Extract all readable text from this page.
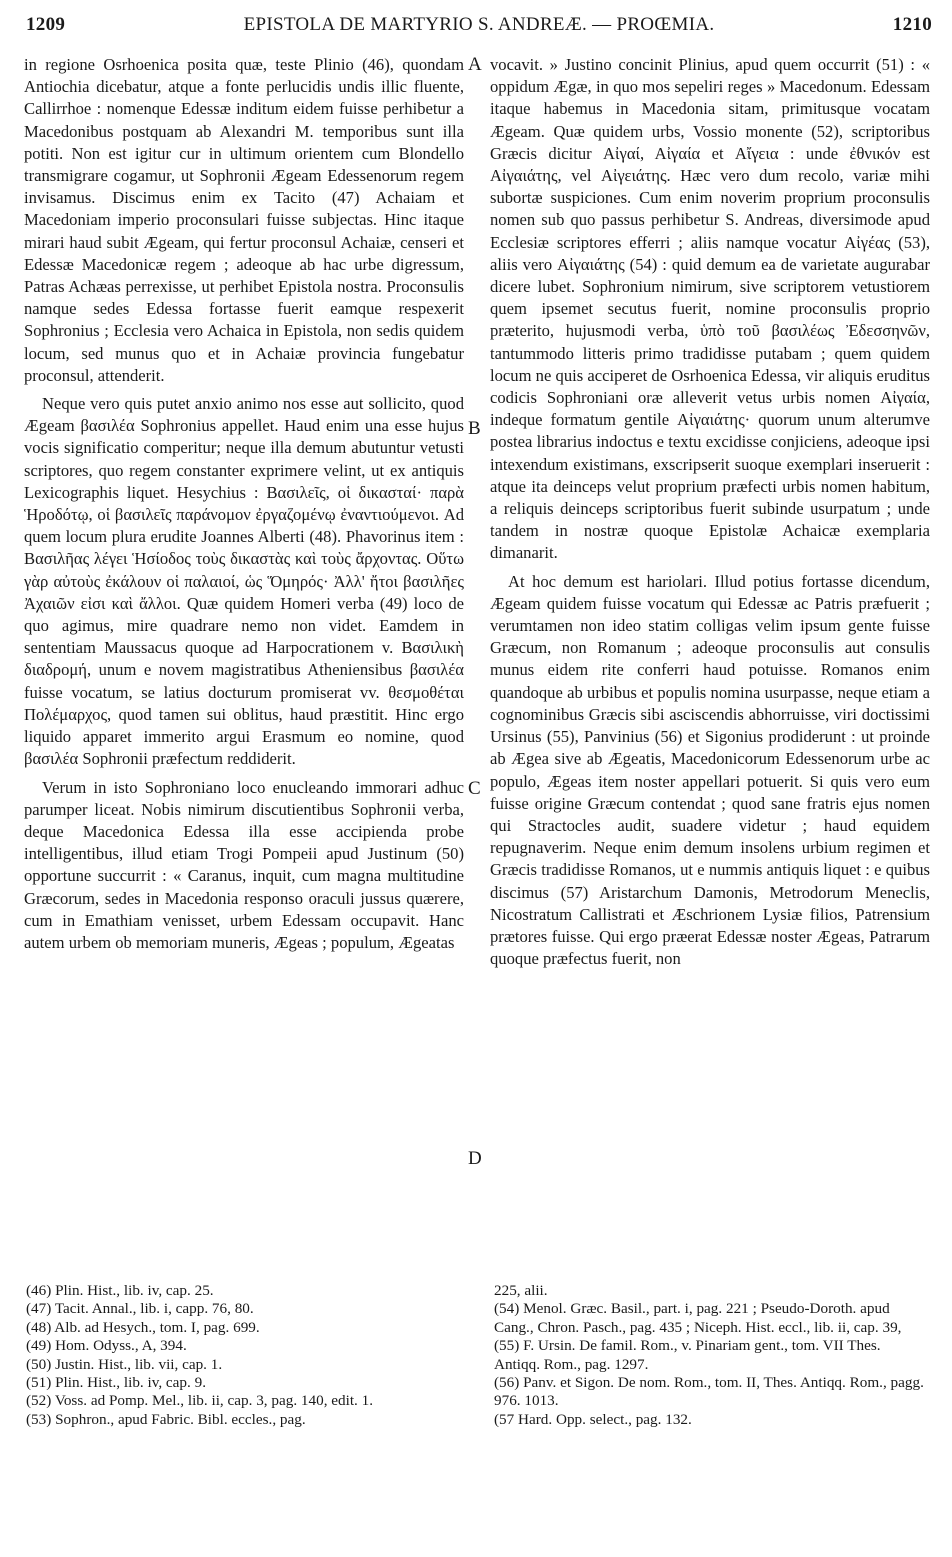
1209	EPISTOLA DE MARTYRIO S. ANDREÆ. — PROŒMIA.	1210

in regione Osrhoenica posita quæ, teste Plinio (46), quondam Antiochia dicebatur, atque a fonte perlucidis undis illic fluente, Callirrhoe : nomenque Edessæ inditum eidem fuisse perhibetur a Macedonibus postquam ab Alexandri M. temporibus sunt illa potiti. Non est igitur cur in ultimum orientem cum Blondello transmigrare cogamur, ut Sophronii Ægeam Edessenorum regem invisamus. Discimus enim ex Tacito (47) Achaiam et Macedoniam imperio proconsulari fuisse subjectas. Hinc itaque mirari haud subit Ægeam, qui fertur proconsul Achaiæ, censeri et Edessæ Macedonicæ regem ; adeoque ab hac urbe digressum, Patras Achæas perrexisse, ut perhibet Epistola nostra. Proconsulis namque sedes Edessa fortasse fuerit eamque respexerit Sophronius ; Ecclesia vero Achaica in Epistola, non sedis quidem locum, sed munus quo et in Achaiæ provincia fungebatur proconsul, attenderit.

Neque vero quis putet anxio animo nos esse aut sollicito, quod Ægeam βασιλέα Sophronius appellet. Haud enim una esse hujus vocis significatio comperitur; neque illa demum abutuntur vetusti scriptores, quo regem constanter exprimere velint, ut ex antiquis Lexicographis liquet. Hesychius : Βασιλεῖς, οἱ δικασταί· παρὰ Ἡροδότῳ, οἱ βασιλεῖς παράνομον ἐργαζομένῳ ἐναντιούμενοι. Ad quem locum plura erudite Joannes Alberti (48). Phavorinus item : Βασιλῆας λέγει Ἡσίοδος τοὺς δικαστὰς καὶ τοὺς ἄρχοντας. Οὕτω γὰρ αὐτοὺς ἐκάλουν οἱ παλαιοί, ὡς Ὅμηρός· Ἀλλ' ἤτοι βασιλῆες Ἀχαιῶν εἰσι καὶ ἄλλοι. Quæ quidem Homeri verba (49) loco de quo agimus, mire quadrare nemo non videt. Eamdem in sententiam Maussacus quoque ad Harpocrationem v. Βασιλικὴ διαδρομή, unum e novem magistratibus Atheniensibus βασιλέα fuisse vocatum, se latius docturum promiserat vv. θεσμοθέται Πολέμαρχος, quod tamen sui oblitus, haud præstitit. Hinc ergo liquido apparet immerito argui Erasmum eo nomine, quod βασιλέα Sophronii præfectum reddiderit.

Verum in isto Sophroniano loco enucleando immorari adhuc parumper liceat. Nobis nimirum discutientibus Sophronii verba, deque Macedonica Edessa illa esse accipienda probe intelligentibus, illud etiam Trogi Pompeii apud Justinum (50) opportune succurrit : « Caranus, inquit, cum magna multitudine Græcorum, sedes in Macedonia responso oraculi jussus quærere, cum in Emathiam venisset, urbem Edessam occupavit. Hanc autem urbem ob memoriam muneris, Ægeas ; populum, Ægeatas

A
B
C
D

vocavit. » Justino concinit Plinius, apud quem occurrit (51) : « oppidum Ægæ, in quo mos sepeliri reges » Macedonum. Edessam itaque habemus in Macedonia sitam, primitusque vocatam Ægeam. Quæ quidem urbs, Vossio monente (52), scriptoribus Græcis dicitur Αἰγαί, Αἰγαία et Αἴγεια : unde ἐθνικόν est Αἰγαιάτης, vel Αἰγειάτης. Hæc vero dum recolo, variæ mihi subortæ suspiciones. Cum enim noverim proprium proconsulis nomen sub quo passus perhibetur S. Andreas, diversimode apud Ecclesiæ scriptores efferri ; aliis namque vocatur Αἰγέας (53), aliis vero Αἰγαιάτης (54) : quid demum ea de varietate augurabar dicere lubet. Sophronium nimirum, sive scriptorem vetustiorem quem ipsemet secutus fuerit, nomine proconsulis proprio præterito, hujusmodi verba, ὑπὸ τοῦ βασιλέως Ἐδεσσηνῶν, tantummodo litteris primo tradidisse putabam ; quem quidem locum ne quis acciperet de Osrhoenica Edessa, vir aliquis eruditus codicis Sophroniani oræ alleverit vetus urbis nomen Αἰγαία, indeque formatum gentile Αἰγαιάτης· quorum unum alterumve postea librarius indoctus e textu excidisse conjiciens, adeoque ipsi intexendum existimans, exscripserit suoque exemplari inseruerit : atque ita deinceps velut proprium præfecti urbis nomen habitum, a reliquis deinceps scriptoribus fuerit subinde usurpatum ; unde tandem in nostræ quoque Epistolæ Achaicæ exemplaria dimanarit.

At hoc demum est hariolari. Illud potius fortasse dicendum, Ægeam quidem fuisse vocatum qui Edessæ ac Patris præfuerit ; verumtamen non ideo statim colligas velim ipsum gente fuisse Græcum, non Romanum ; adeoque proconsulis aut consulis munus eidem rite conferri haud potuisse. Romanos enim quandoque ab urbibus et populis nomina usurpasse, neque etiam a cognominibus Græcis sibi asciscendis abhorruisse, viri doctissimi Ursinus (55), Panvinius (56) et Sigonius prodiderunt : ut proinde ab Ægea sive ab Ægeatis, Macedonicorum Edessenorum urbe ac populo, Ægeas item noster appellari potuerit. Si quis vero eum fuisse origine Græcum contendat ; quod sane fratris ejus nomen qui Stractocles audit, suadere videtur ; haud equidem repugnaverim. Neque enim demum insolens urbium regimen et Græcis tradidisse Romanos, ut e nummis antiquis liquet : e quibus discimus (57) Aristarchum Damonis, Metrodorum Meneclis, Nicostratum Callistrati et Æschrionem Lysiæ filios, Patrensium prætores fuisse. Qui ergo præerat Edessæ noster Ægeas, Patrarum quoque præfectus fuerit, non

(46) Plin. Hist., lib. iv, cap. 25.
(47) Tacit. Annal., lib. i, capp. 76, 80.
(48) Alb. ad Hesych., tom. I, pag. 699.
(49) Hom. Odyss., A, 394.
(50) Justin. Hist., lib. vii, cap. 1.
(51) Plin. Hist., lib. iv, cap. 9.
(52) Voss. ad Pomp. Mel., lib. ii, cap. 3, pag. 140, edit. 1.
(53) Sophron., apud Fabric. Bibl. eccles., pag.
225, alii.
(54) Menol. Græc. Basil., part. i, pag. 221 ; Pseudo-Doroth. apud Cang., Chron. Pasch., pag. 435 ; Niceph. Hist. eccl., lib. ii, cap. 39,
(55) F. Ursin. De famil. Rom., v. Pinariam gent., tom. VII Thes. Antiqq. Rom., pag. 1297.
(56) Panv. et Sigon. De nom. Rom., tom. II, Thes. Antiqq. Rom., pagg. 976. 1013.
(57 Hard. Opp. select., pag. 132.
